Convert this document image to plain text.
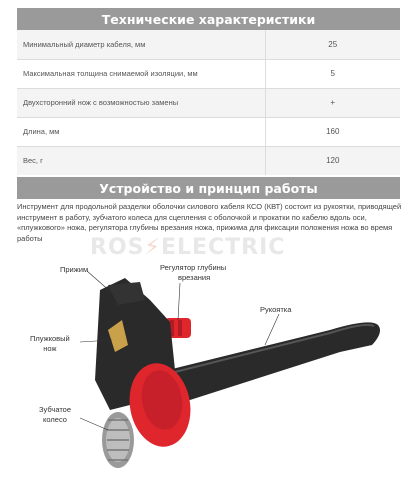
Технические характеристики
Минимальный диаметр кабеля, мм	25
Максимальная толщина снимаемой изоляции, мм	5
Двухсторонний нож с возможностью замены	+
Длина, мм	160
Вес, г	120
Устройство и принцип работы
Инструмент для продольной разделки оболочки силового кабеля КСО (КВТ) состоит из рукоятки, приводящей инструмент в работу, зубчатого колеса для сцепления с оболочкой и прокатки по кабелю вдоль оси, «плужкового» ножа, регулятора глубины врезания ножа, прижима для фиксации положения ножа во время работы	ROS⚡ELECTRIC
Прижим	Регулятор глубины
врезания
Рукоятка
Плужковый
нож
Зубчатое
колесо
